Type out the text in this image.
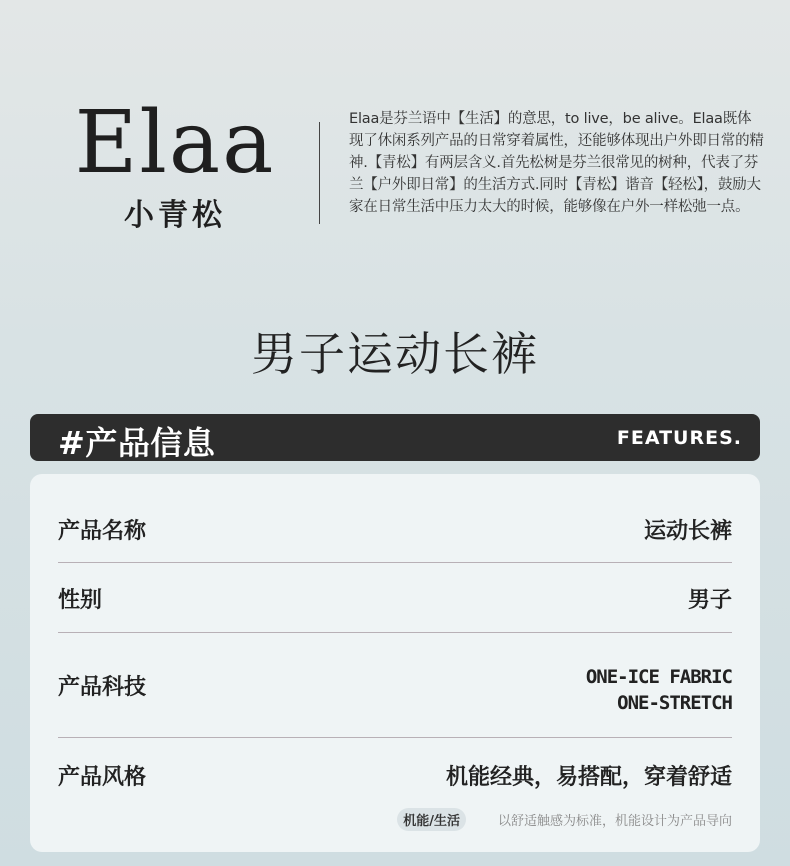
Elaa
小青松
Elaa是芬兰语中【生活】的意思，to live，be alive。Elaa既体现了休闲系列产品的日常穿着属性，还能够体现出户外即日常的精神.【青松】有两层含义.首先松树是芬兰很常见的树种，代表了芬兰【户外即日常】的生活方式.同时【青松】谐音【轻松】，鼓励大家在日常生活中压力太大的时候，能够像在户外一样松弛一点。
男子运动长裤
#产品信息	FEATURES.
产品名称	运动长裤
性别	男子
产品科技	ONE-ICE FABRIC
ONE-STRETCH
产品风格	机能经典，易搭配，穿着舒适
机能/生活	以舒适触感为标准，机能设计为产品导向
